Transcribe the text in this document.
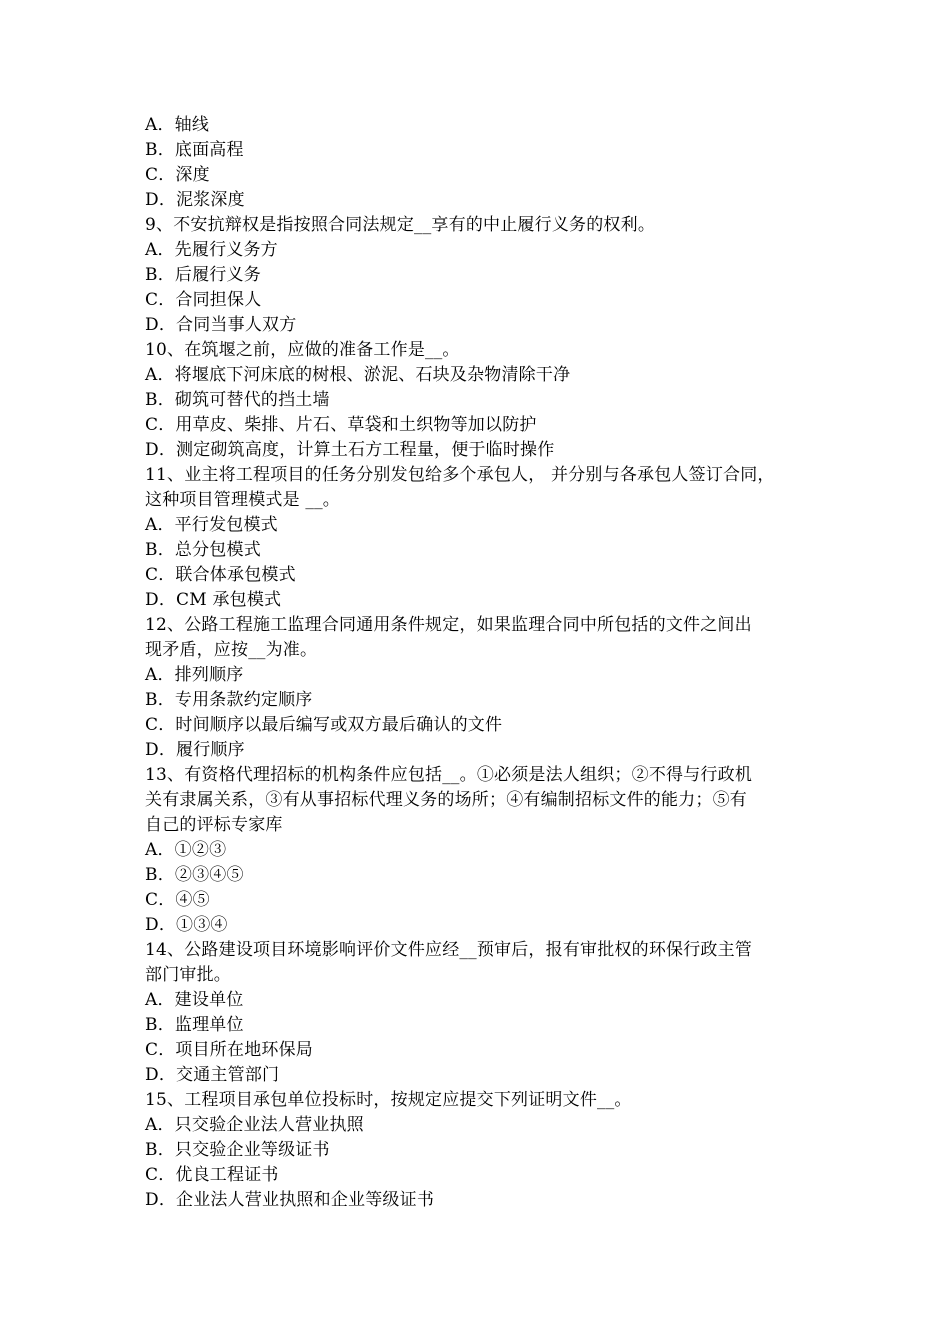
A．轴线
B．底面高程
C．深度
D．泥浆深度
9、不安抗辩权是指按照合同法规定__享有的中止履行义务的权利。
A．先履行义务方
B．后履行义务
C．合同担保人
D．合同当事人双方
10、在筑堰之前，应做的准备工作是__。
A．将堰底下河床底的树根、淤泥、石块及杂物清除干净
B．砌筑可替代的挡土墙
C．用草皮、柴排、片石、草袋和土织物等加以防护
D．测定砌筑高度，计算土石方工程量，便于临时操作
11、业主将工程项目的任务分别发包给多个承包人， 并分别与各承包人签订合同，
这种项目管理模式是 __。
A．平行发包模式
B．总分包模式
C．联合体承包模式
D．CM 承包模式
12、公路工程施工监理合同通用条件规定，如果监理合同中所包括的文件之间出
现矛盾，应按__为准。
A．排列顺序
B．专用条款约定顺序
C．时间顺序以最后编写或双方最后确认的文件
D．履行顺序
13、有资格代理招标的机构条件应包括__。①必须是法人组织；②不得与行政机
关有隶属关系，③有从事招标代理义务的场所；④有编制招标文件的能力；⑤有
自己的评标专家库
A．①②③
B．②③④⑤
C．④⑤
D．①③④
14、公路建设项目环境影响评价文件应经__预审后，报有审批权的环保行政主管
部门审批。
A．建设单位
B．监理单位
C．项目所在地环保局
D．交通主管部门
15、工程项目承包单位投标时，按规定应提交下列证明文件__。
A．只交验企业法人营业执照
B．只交验企业等级证书
C．优良工程证书
D．企业法人营业执照和企业等级证书
